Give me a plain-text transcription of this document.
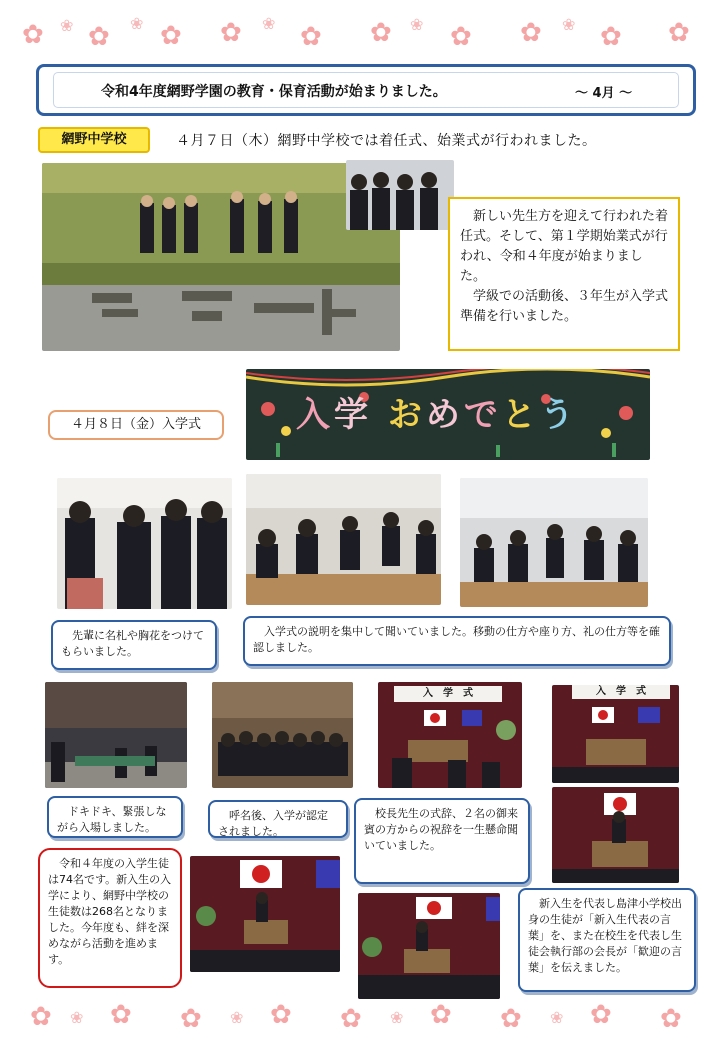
✿ ❀ ✿ ❀ ✿ ✿ ❀ ✿ ✿ ❀ ✿ ✿ ❀ ✿ ✿
令和4年度網野学園の教育・保育活動が始まりました。	～ 4月 ～
網野中学校	４月７日（木）網野中学校では着任式、始業式が行われました。

　新しい先生方を迎えて行われた着任式。そして、第１学期始業式が行われ、令和４年度が始まりました。

　学級での活動後、３年生が入学式準備を行いました。

入学 おめでとう
４月８日（金）入学式
　先輩に名札や胸花をつけてもらいました。
　入学式の説明を集中して聞いていました。移動の仕方や座り方、礼の仕方等を確認しました。
入　学　式	入　学　式
　ドキドキ、緊張しながら入場しました。
　呼名後、入学が認定されました。
　校長先生の式辞、２名の御来賓の方からの祝辞を一生懸命聞いていました。
　令和４年度の入学生徒は74名です。新入生の入学により、網野中学校の生徒数は268名となりました。今年度も、絆を深めながら活動を進めます。
　新入生を代表し島津小学校出身の生徒が「新入生代表の言葉」を、また在校生を代表し生徒会執行部の会長が「歓迎の言葉」を伝えました。
✿ ❀ ✿ ✿ ❀ ✿ ✿ ❀ ✿ ✿ ❀ ✿ ✿
